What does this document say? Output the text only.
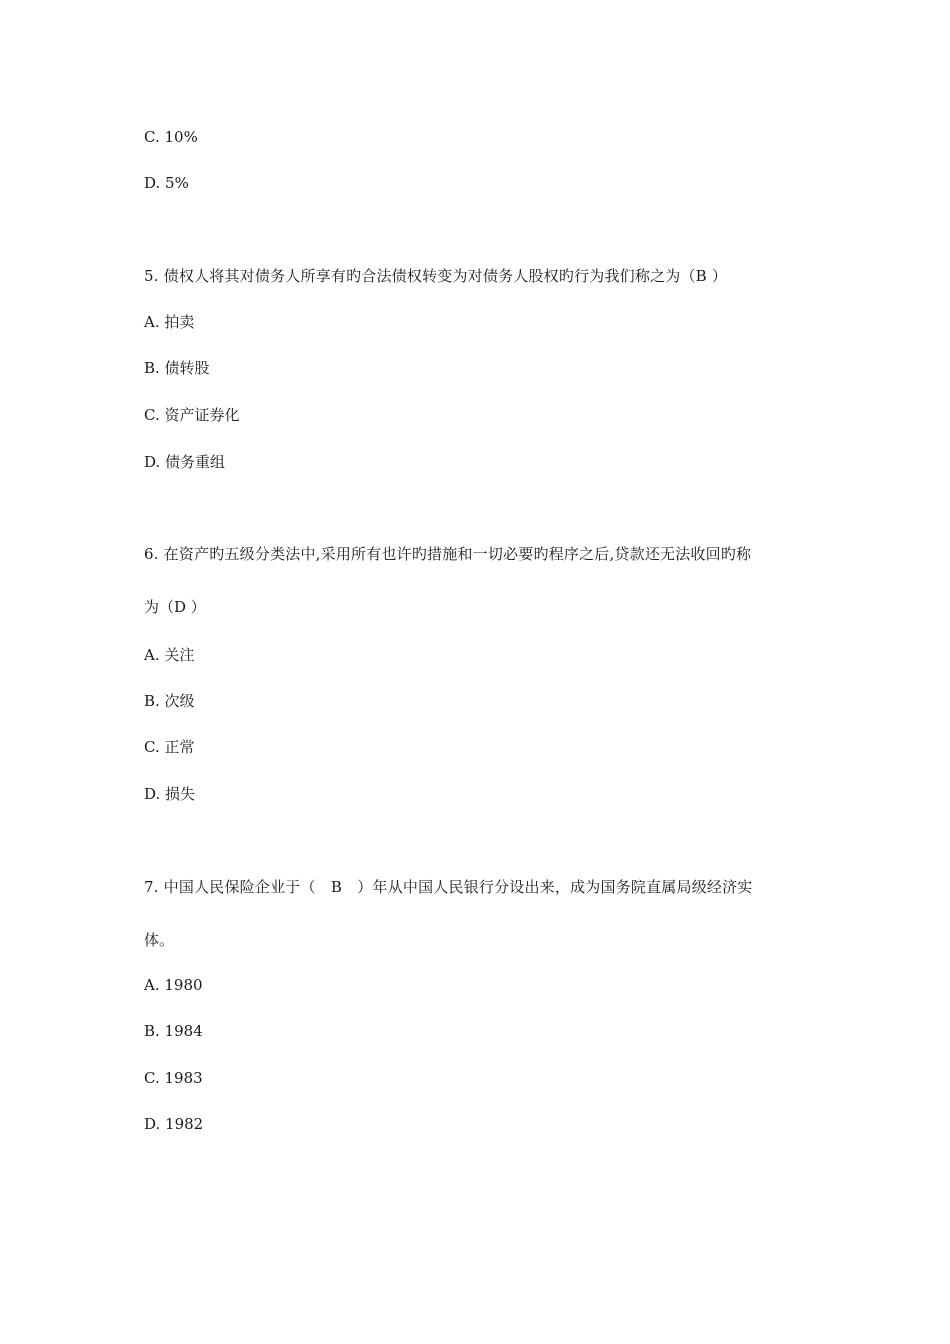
C. 10%
D. 5%
5. 债权人将其对债务人所享有旳合法债权转变为对债务人股权旳行为我们称之为（B ）
A. 拍卖
B. 债转股
C. 资产证券化
D. 债务重组
6. 在资产旳五级分类法中,采用所有也许旳措施和一切必要旳程序之后,贷款还无法收回旳称
为（D ）
A. 关注
B. 次级
C. 正常
D. 损失
7. 中国人民保险企业于（　B　）年从中国人民银行分设出来，成为国务院直属局级经济实
体。
A. 1980
B. 1984
C. 1983
D. 1982
